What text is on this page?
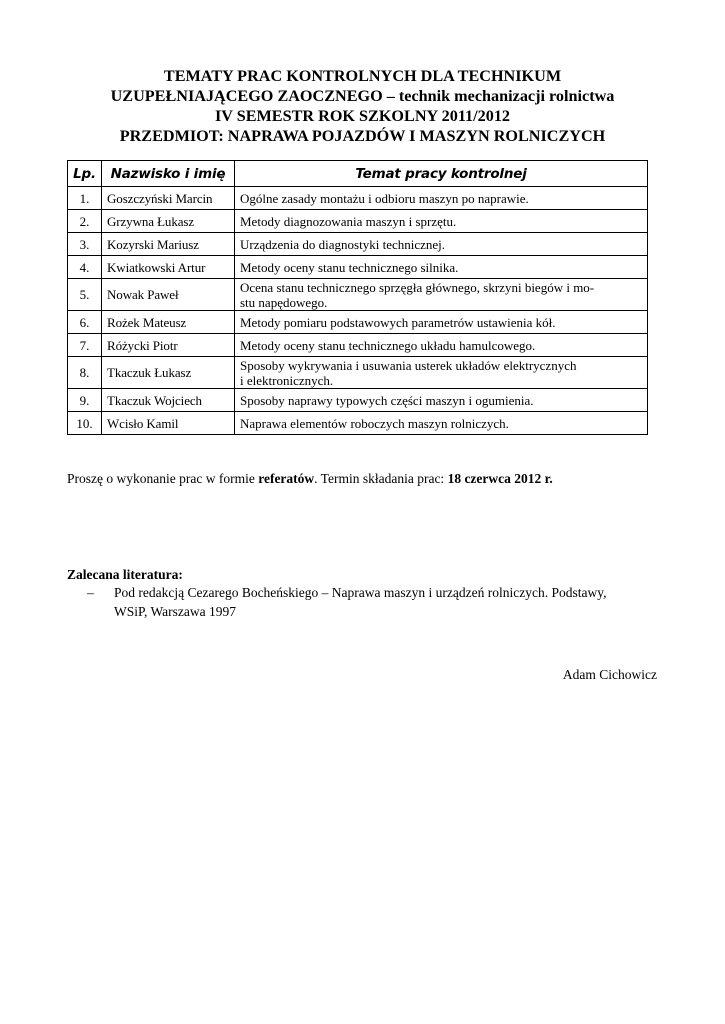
TEMATY PRAC KONTROLNYCH DLA TECHNIKUM
UZUPEŁNIAJĄCEGO ZAOCZNEGO – technik mechanizacji rolnictwa
IV SEMESTR ROK SZKOLNY 2011/2012
PRZEDMIOT: NAPRAWA POJAZDÓW I MASZYN ROLNICZYCH
Lp.	Nazwisko i imię	Temat pracy kontrolnej
1.	Goszczyński Marcin	Ogólne zasady montażu i odbioru maszyn po naprawie.
2.	Grzywna Łukasz	Metody diagnozowania maszyn i sprzętu.
3.	Kozyrski Mariusz	Urządzenia do diagnostyki technicznej.
4.	Kwiatkowski Artur	Metody oceny stanu technicznego silnika.
5.	Nowak Paweł	Ocena stanu technicznego sprzęgła głównego, skrzyni biegów i mo-
stu napędowego.

6.	Rożek Mateusz	Metody pomiaru podstawowych parametrów ustawienia kół.
7.	Różycki Piotr	Metody oceny stanu technicznego układu hamulcowego.
8.	Tkaczuk Łukasz	Sposoby wykrywania i usuwania usterek układów elektrycznych
i elektronicznych.

9.	Tkaczuk Wojciech	Sposoby naprawy typowych części maszyn i ogumienia.
10.	Wcisło Kamil	Naprawa elementów roboczych maszyn rolniczych.
Proszę o wykonanie prac w formie referatów. Termin składania prac: 18 czerwca 2012 r.
Zalecana literatura:
–	Pod redakcją Cezarego Bocheńskiego – Naprawa maszyn i urządzeń rolniczych. Podstawy,
WSiP, Warszawa 1997
Adam Cichowicz
